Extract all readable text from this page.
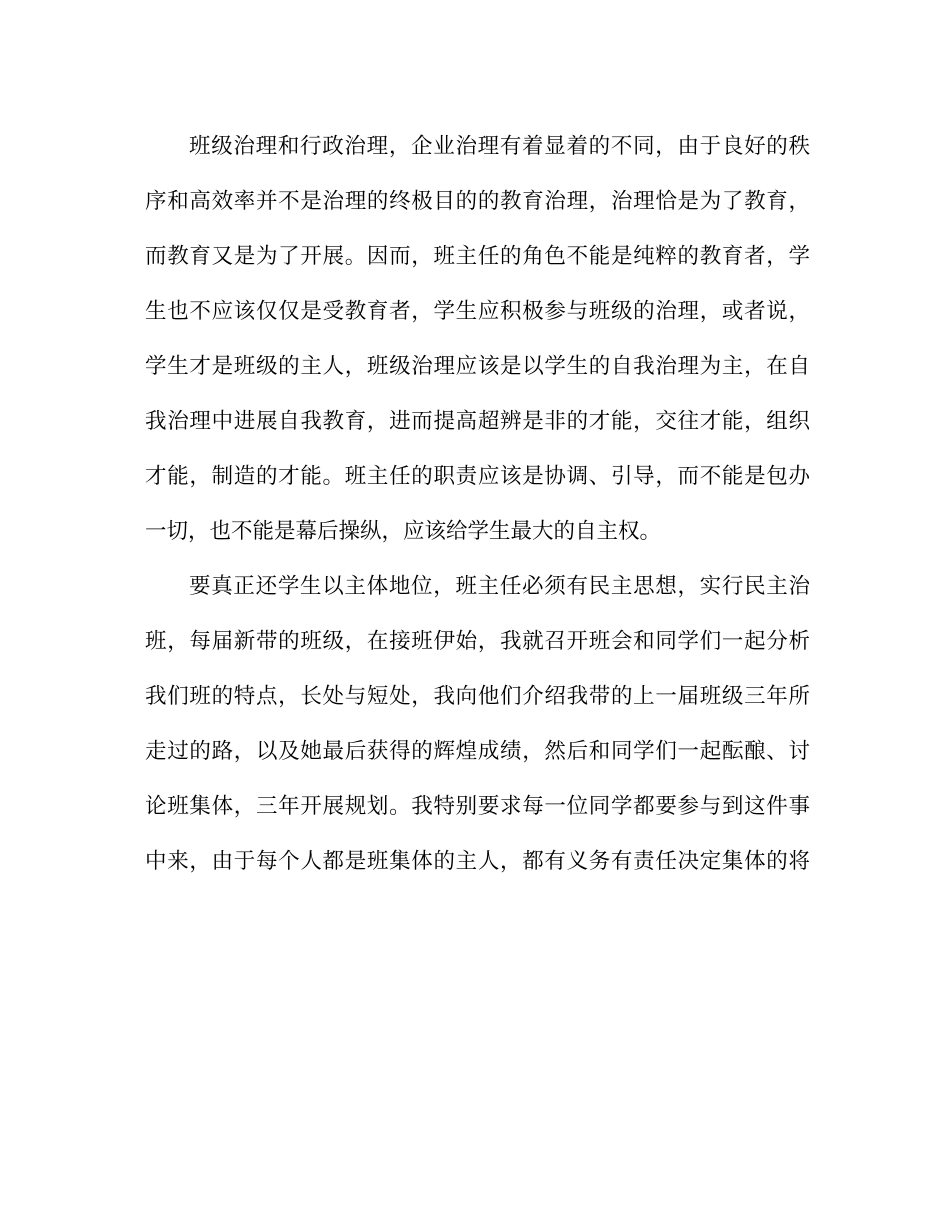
班级治理和行政治理，企业治理有着显着的不同，由于良好的秩
序和高效率并不是治理的终极目的的教育治理，治理恰是为了教育，
而教育又是为了开展。因而，班主任的角色不能是纯粹的教育者，学
生也不应该仅仅是受教育者，学生应积极参与班级的治理，或者说，
学生才是班级的主人，班级治理应该是以学生的自我治理为主，在自
我治理中进展自我教育，进而提高超辨是非的才能，交往才能，组织
才能，制造的才能。班主任的职责应该是协调、引导，而不能是包办
一切，也不能是幕后操纵，应该给学生最大的自主权。
要真正还学生以主体地位，班主任必须有民主思想，实行民主治
班，每届新带的班级，在接班伊始，我就召开班会和同学们一起分析
我们班的特点，长处与短处，我向他们介绍我带的上一届班级三年所
走过的路，以及她最后获得的辉煌成绩，然后和同学们一起酝酿、讨
论班集体，三年开展规划。我特别要求每一位同学都要参与到这件事
中来，由于每个人都是班集体的主人，都有义务有责任决定集体的将
